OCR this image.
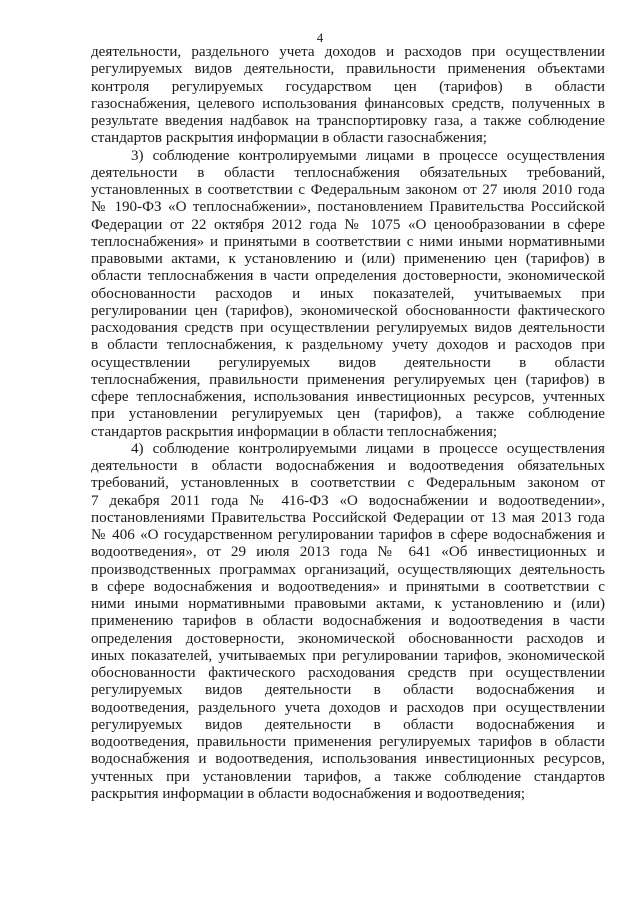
4
деятельности, раздельного учета доходов и расходов при осуществлении
регулируемых видов деятельности, правильности применения объектами
контроля регулируемых государством цен (тарифов) в области
газоснабжения, целевого использования финансовых средств, полученных в
результате введения надбавок на транспортировку газа, а также соблюдение
стандартов раскрытия информации в области газоснабжения;
3) соблюдение контролируемыми лицами в процессе осуществления
деятельности в области теплоснабжения обязательных требований,
установленных в соответствии с Федеральным законом от 27 июля 2010 года
№ 190-ФЗ «О теплоснабжении», постановлением Правительства Российской
Федерации от 22 октября 2012 года № 1075 «О ценообразовании в сфере
теплоснабжения» и принятыми в соответствии с ними иными нормативными
правовыми актами, к установлению и (или) применению цен (тарифов) в
области теплоснабжения в части определения достоверности, экономической
обоснованности расходов и иных показателей, учитываемых при
регулировании цен (тарифов), экономической обоснованности фактического
расходования средств при осуществлении регулируемых видов деятельности
в области теплоснабжения, к раздельному учету доходов и расходов при
осуществлении регулируемых видов деятельности в области
теплоснабжения, правильности применения регулируемых цен (тарифов) в
сфере теплоснабжения, использования инвестиционных ресурсов, учтенных
при установлении регулируемых цен (тарифов), а также соблюдение
стандартов раскрытия информации в области теплоснабжения;
4) соблюдение контролируемыми лицами в процессе осуществления
деятельности в области водоснабжения и водоотведения обязательных
требований, установленных в соответствии с Федеральным законом от
7 декабря 2011 года № 416-ФЗ «О водоснабжении и водоотведении»,
постановлениями Правительства Российской Федерации от 13 мая 2013 года
№ 406 «О государственном регулировании тарифов в сфере водоснабжения и
водоотведения», от 29 июля 2013 года № 641 «Об инвестиционных и
производственных программах организаций, осуществляющих деятельность
в сфере водоснабжения и водоотведения» и принятыми в соответствии с
ними иными нормативными правовыми актами, к установлению и (или)
применению тарифов в области водоснабжения и водоотведения в части
определения достоверности, экономической обоснованности расходов и
иных показателей, учитываемых при регулировании тарифов, экономической
обоснованности фактического расходования средств при осуществлении
регулируемых видов деятельности в области водоснабжения и
водоотведения, раздельного учета доходов и расходов при осуществлении
регулируемых видов деятельности в области водоснабжения и
водоотведения, правильности применения регулируемых тарифов в области
водоснабжения и водоотведения, использования инвестиционных ресурсов,
учтенных при установлении тарифов, а также соблюдение стандартов
раскрытия информации в области водоснабжения и водоотведения;
